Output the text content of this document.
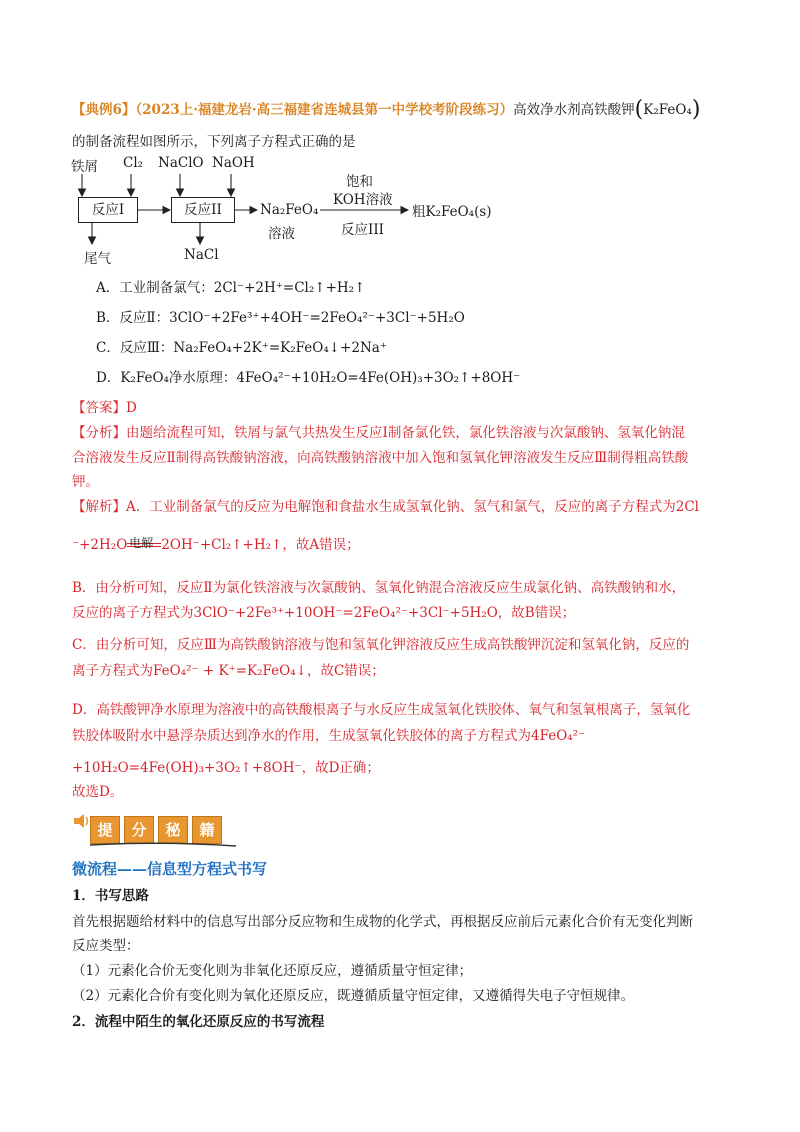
【典例6】（2023上·福建龙岩·高三福建省连城县第一中学校考阶段练习）高效净水剂高铁酸钾(K₂FeO₄)
的制备流程如图所示，下列离子方程式正确的是
铁屑 Cl₂ NaClO NaOH
反应I	反应II
尾气	NaCl
Na₂FeO₄
溶液
饱和
KOH溶液
反应III
粗K₂FeO₄(s)
A．工业制备氯气：2Cl⁻+2H⁺=Cl₂↑+H₂↑
B．反应Ⅱ：3ClO⁻+2Fe³⁺+4OH⁻=2FeO₄²⁻+3Cl⁻+5H₂O
C．反应Ⅲ：Na₂FeO₄+2K⁺=K₂FeO₄↓+2Na⁺
D．K₂FeO₄净水原理：4FeO₄²⁻+10H₂O=4Fe(OH)₃+3O₂↑+8OH⁻
【答案】D
【分析】由题给流程可知，铁屑与氯气共热发生反应Ⅰ制备氯化铁，氯化铁溶液与次氯酸钠、氢氧化钠混
合溶液发生反应Ⅱ制得高铁酸钠溶液，向高铁酸钠溶液中加入饱和氢氧化钾溶液发生反应Ⅲ制得粗高铁酸
钾。
【解析】A．工业制备氯气的反应为电解饱和食盐水生成氢氧化钠、氢气和氯气，反应的离子方程式为2Cl
⁻+2H₂O 电解 2OH⁻+Cl₂↑+H₂↑，故A错误；
B．由分析可知，反应Ⅱ为氯化铁溶液与次氯酸钠、氢氧化钠混合溶液反应生成氯化钠、高铁酸钠和水，
反应的离子方程式为3ClO⁻+2Fe³⁺+10OH⁻=2FeO₄²⁻+3Cl⁻+5H₂O，故B错误；
C．由分析可知，反应Ⅲ为高铁酸钠溶液与饱和氢氧化钾溶液反应生成高铁酸钾沉淀和氢氧化钠，反应的
离子方程式为FeO₄²⁻ + K⁺=K₂FeO₄↓，故C错误；
D．高铁酸钾净水原理为溶液中的高铁酸根离子与水反应生成氢氧化铁胶体、氧气和氢氧根离子，氢氧化
铁胶体吸附水中悬浮杂质达到净水的作用，生成氢氧化铁胶体的离子方程式为4FeO₄²⁻
+10H₂O=4Fe(OH)₃+3O₂↑+8OH⁻，故D正确；
故选D。
提 分 秘 籍
微流程——信息型方程式书写
1．书写思路
首先根据题给材料中的信息写出部分反应物和生成物的化学式，再根据反应前后元素化合价有无变化判断
反应类型：
（1）元素化合价无变化则为非氧化还原反应，遵循质量守恒定律；
（2）元素化合价有变化则为氧化还原反应，既遵循质量守恒定律，又遵循得失电子守恒规律。
2．流程中陌生的氧化还原反应的书写流程
